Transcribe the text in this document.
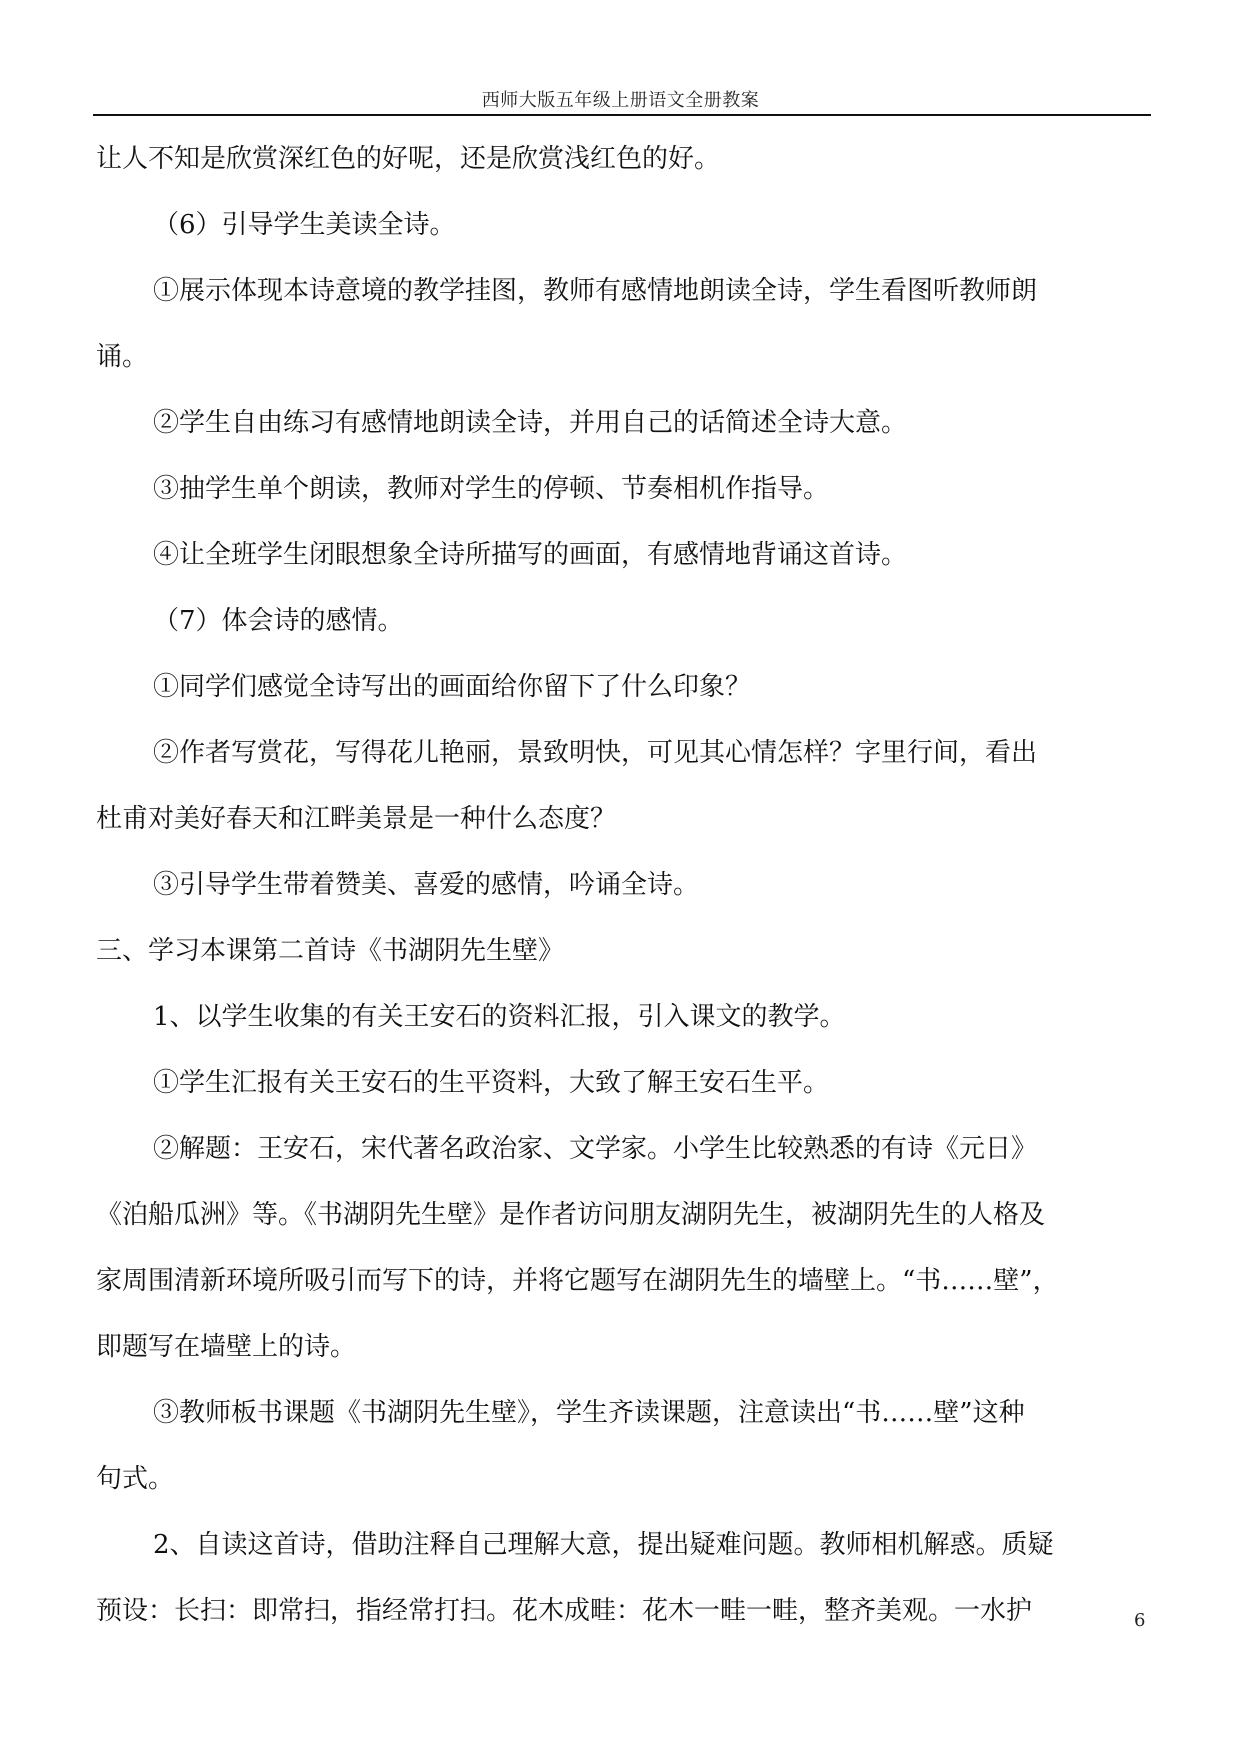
西师大版五年级上册语文全册教案
让人不知是欣赏深红色的好呢，还是欣赏浅红色的好。
（6）引导学生美读全诗。
①展示体现本诗意境的教学挂图，教师有感情地朗读全诗，学生看图听教师朗
诵。
②学生自由练习有感情地朗读全诗，并用自己的话简述全诗大意。
③抽学生单个朗读，教师对学生的停顿、节奏相机作指导。
④让全班学生闭眼想象全诗所描写的画面，有感情地背诵这首诗。
（7）体会诗的感情。
①同学们感觉全诗写出的画面给你留下了什么印象？
②作者写赏花，写得花儿艳丽，景致明快，可见其心情怎样？字里行间，看出
杜甫对美好春天和江畔美景是一种什么态度？
③引导学生带着赞美、喜爱的感情，吟诵全诗。
三、学习本课第二首诗《书湖阴先生壁》
1、以学生收集的有关王安石的资料汇报，引入课文的教学。
①学生汇报有关王安石的生平资料，大致了解王安石生平。
②解题：王安石，宋代著名政治家、文学家。小学生比较熟悉的有诗《元日》
《泊船瓜洲》等。《书湖阴先生壁》是作者访问朋友湖阴先生，被湖阴先生的人格及
家周围清新环境所吸引而写下的诗，并将它题写在湖阴先生的墙壁上。“书……壁”，
即题写在墙壁上的诗。
③教师板书课题《书湖阴先生壁》，学生齐读课题，注意读出“书……壁”这种
句式。
2、自读这首诗，借助注释自己理解大意，提出疑难问题。教师相机解惑。质疑
预设：长扫：即常扫，指经常打扫。花木成畦：花木一畦一畦，整齐美观。一水护	6
